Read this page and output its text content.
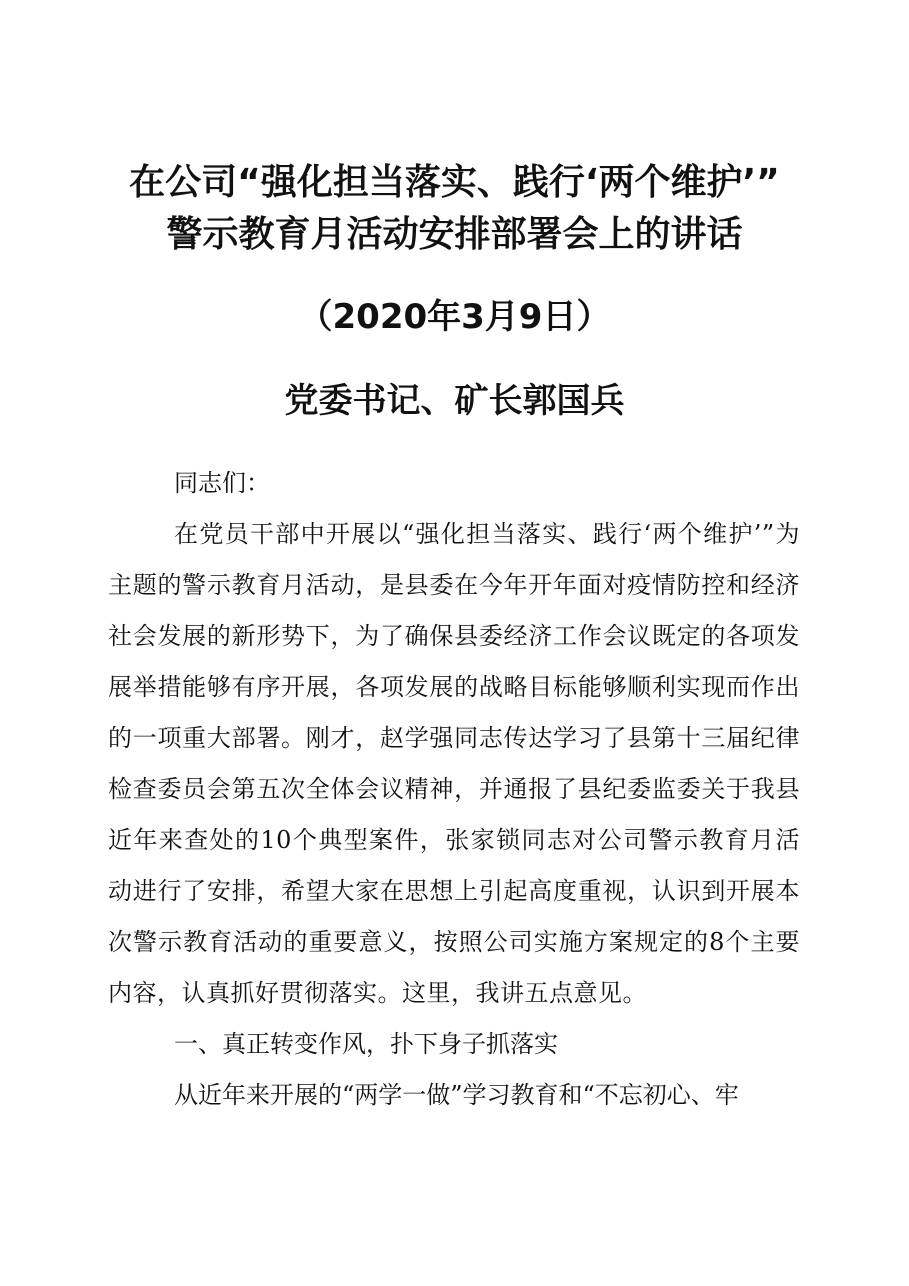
在公司“强化担当落实、践行‘两个维护’”
警示教育月活动安排部署会上的讲话
（2020年3月9日）
党委书记、矿长郭国兵

同志们：

在党员干部中开展以“强化担当落实、践行‘两个维护’”为主题的警示教育月活动，是县委在今年开年面对疫情防控和经济社会发展的新形势下，为了确保县委经济工作会议既定的各项发展举措能够有序开展，各项发展的战略目标能够顺利实现而作出的一项重大部署。刚才，赵学强同志传达学习了县第十三届纪律检查委员会第五次全体会议精神，并通报了县纪委监委关于我县近年来查处的10个典型案件，张家锁同志对公司警示教育月活动进行了安排，希望大家在思想上引起高度重视，认识到开展本次警示教育活动的重要意义，按照公司实施方案规定的8个主要内容，认真抓好贯彻落实。这里，我讲五点意见。

一、真正转变作风，扑下身子抓落实

从近年来开展的“两学一做”学习教育和“不忘初心、牢
